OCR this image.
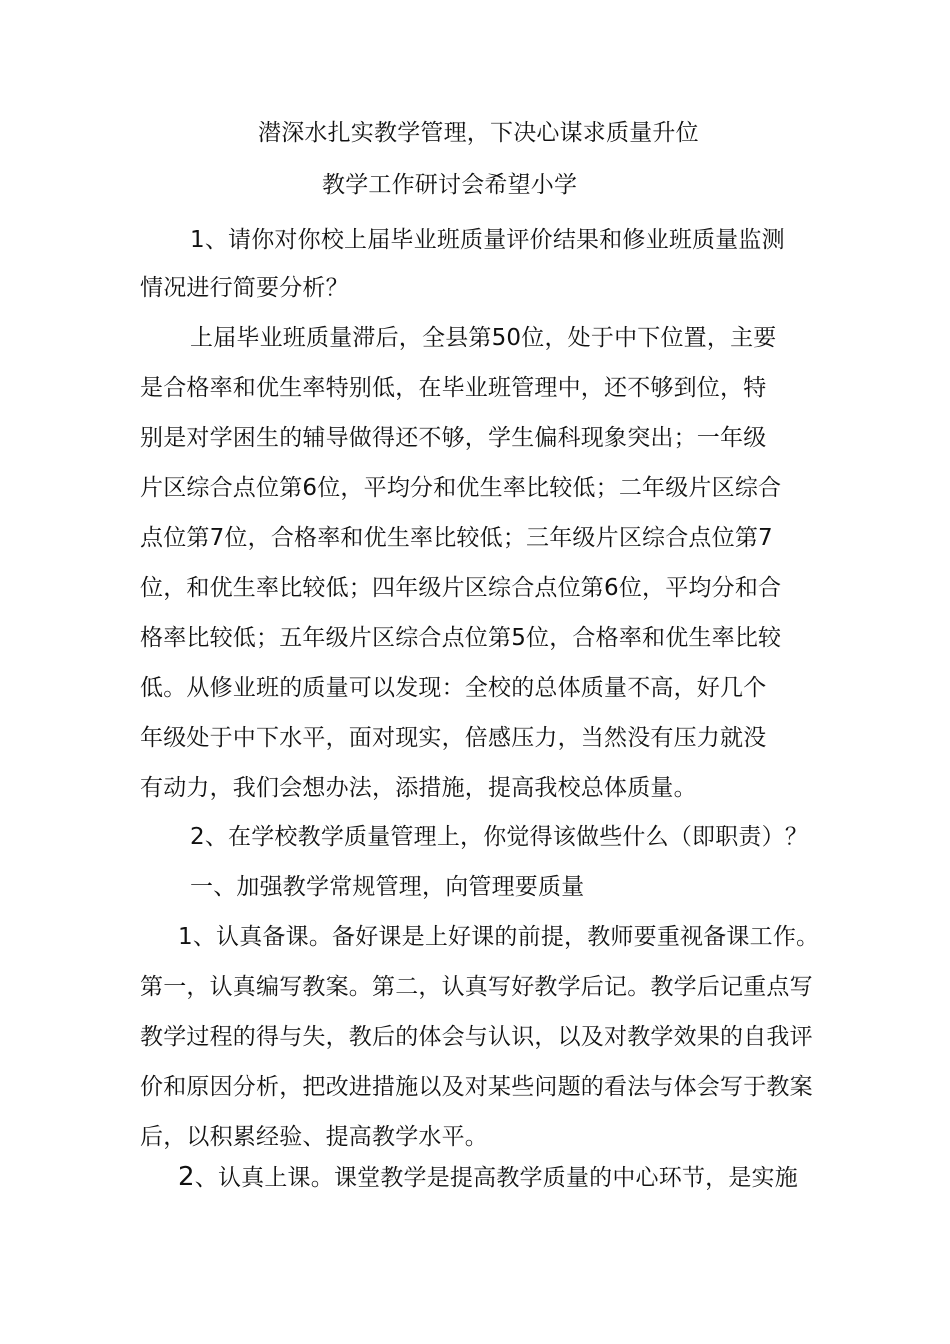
潜深水扎实教学管理，下决心谋求质量升位
教学工作研讨会希望小学
1、请你对你校上届毕业班质量评价结果和修业班质量监测
情况进行简要分析？
上届毕业班质量滞后，全县第50位，处于中下位置，主要
是合格率和优生率特别低，在毕业班管理中，还不够到位，特
别是对学困生的辅导做得还不够，学生偏科现象突出；一年级
片区综合点位第6位，平均分和优生率比较低；二年级片区综合
点位第7位，合格率和优生率比较低；三年级片区综合点位第7
位，和优生率比较低；四年级片区综合点位第6位，平均分和合
格率比较低；五年级片区综合点位第5位，合格率和优生率比较
低。从修业班的质量可以发现：全校的总体质量不高，好几个
年级处于中下水平，面对现实，倍感压力，当然没有压力就没
有动力，我们会想办法，添措施，提高我校总体质量。
2、在学校教学质量管理上，你觉得该做些什么（即职责）？
一、加强教学常规管理，向管理要质量
1、认真备课。备好课是上好课的前提，教师要重视备课工作。
第一，认真编写教案。第二，认真写好教学后记。教学后记重点写
教学过程的得与失，教后的体会与认识，以及对教学效果的自我评
价和原因分析，把改进措施以及对某些问题的看法与体会写于教案
后，以积累经验、提高教学水平。
2、认真上课。课堂教学是提高教学质量的中心环节，是实施
